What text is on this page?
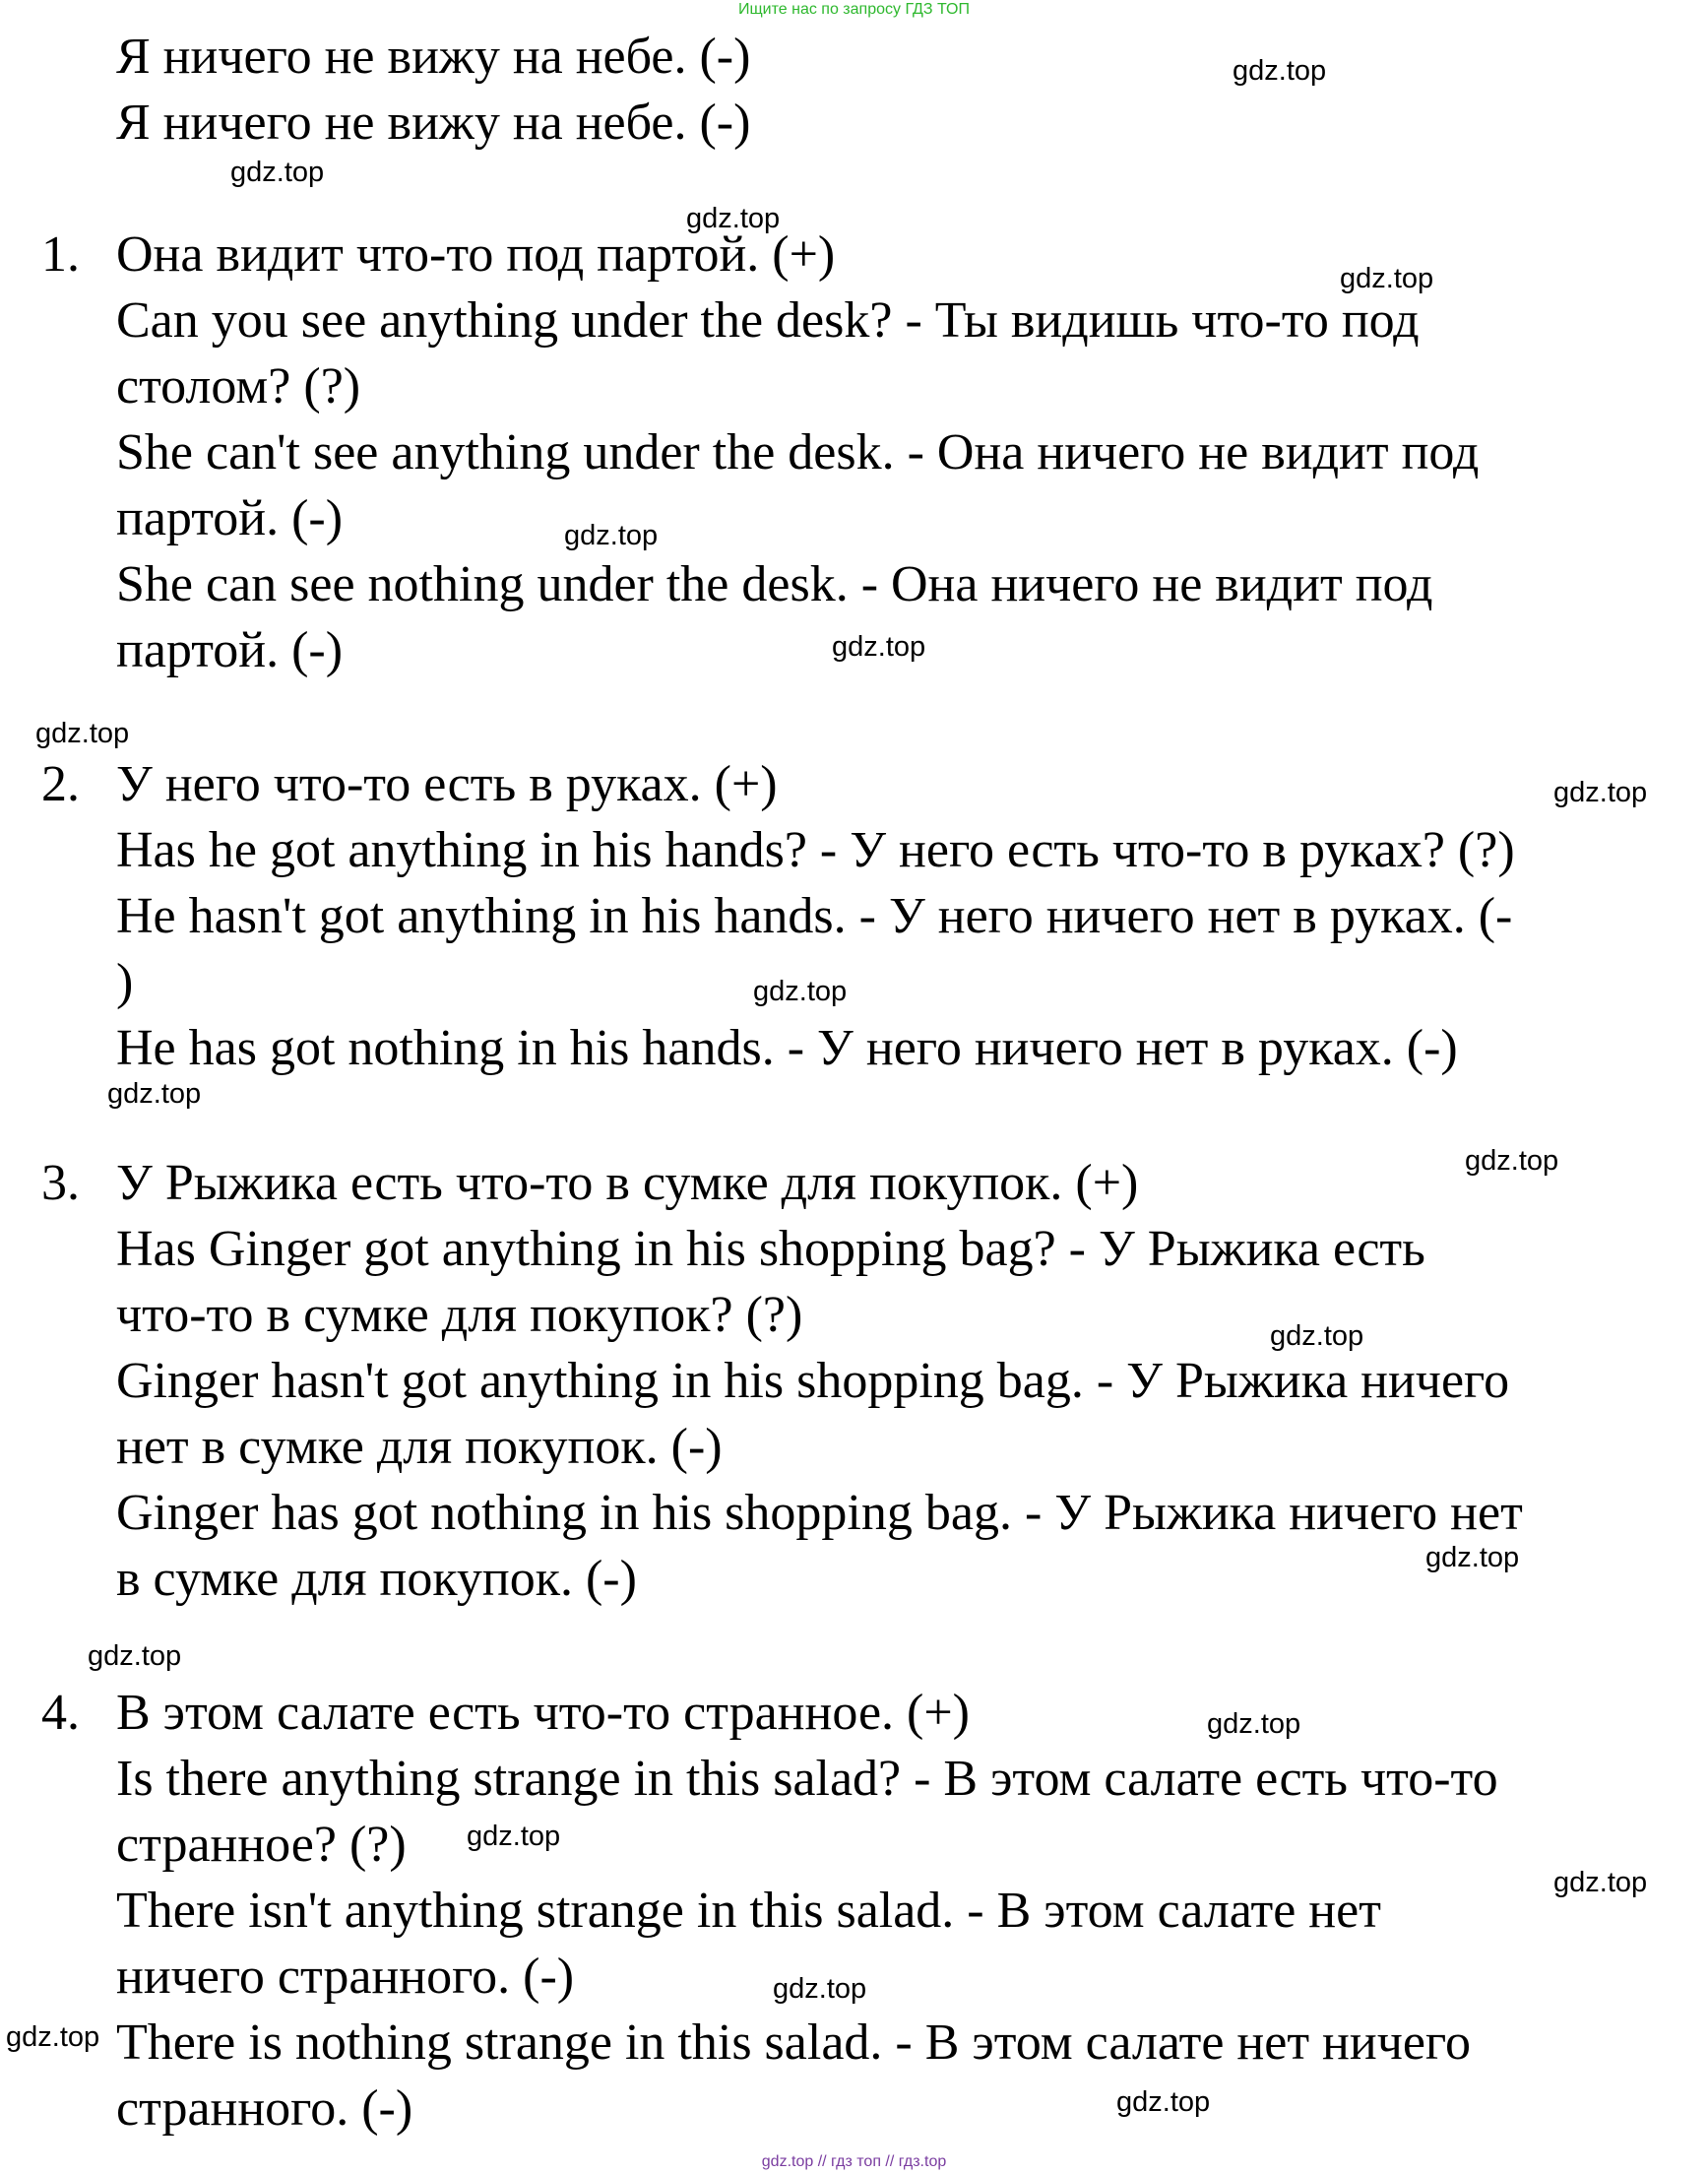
Ищите нас по запросу ГДЗ ТОП
Я ничего не вижу на небе. (-)
Я ничего не вижу на небе. (-)
1. Она видит что-то под партой. (+)
Can you see anything under the desk? - Ты видишь что-то под
столом? (?)
She can't see anything under the desk. - Она ничего не видит под
партой. (-)
She can see nothing under the desk. - Она ничего не видит под
партой. (-)
2. У него что-то есть в руках. (+)
Has he got anything in his hands? - У него есть что-то в руках? (?)
He hasn't got anything in his hands. - У него ничего нет в руках. (-
)
He has got nothing in his hands. - У него ничего нет в руках. (-)
3. У Рыжика есть что-то в сумке для покупок. (+)
Has Ginger got anything in his shopping bag? - У Рыжика есть
что-то в сумке для покупок? (?)
Ginger hasn't got anything in his shopping bag. - У Рыжика ничего
нет в сумке для покупок. (-)
Ginger has got nothing in his shopping bag. - У Рыжика ничего нет
в сумке для покупок. (-)
4. В этом салате есть что-то странное. (+)
Is there anything strange in this salad? - В этом салате есть что-то
странное? (?)
There isn't anything strange in this salad. - В этом салате нет
ничего странного. (-)
There is nothing strange in this salad. - В этом салате нет ничего
странного. (-)
gdz.top
gdz.top
gdz.top
gdz.top
gdz.top
gdz.top
gdz.top
gdz.top
gdz.top
gdz.top
gdz.top
gdz.top
gdz.top
gdz.top
gdz.top
gdz.top
gdz.top
gdz.top
gdz.top
gdz.top
gdz.top // гдз топ // гдз.top
